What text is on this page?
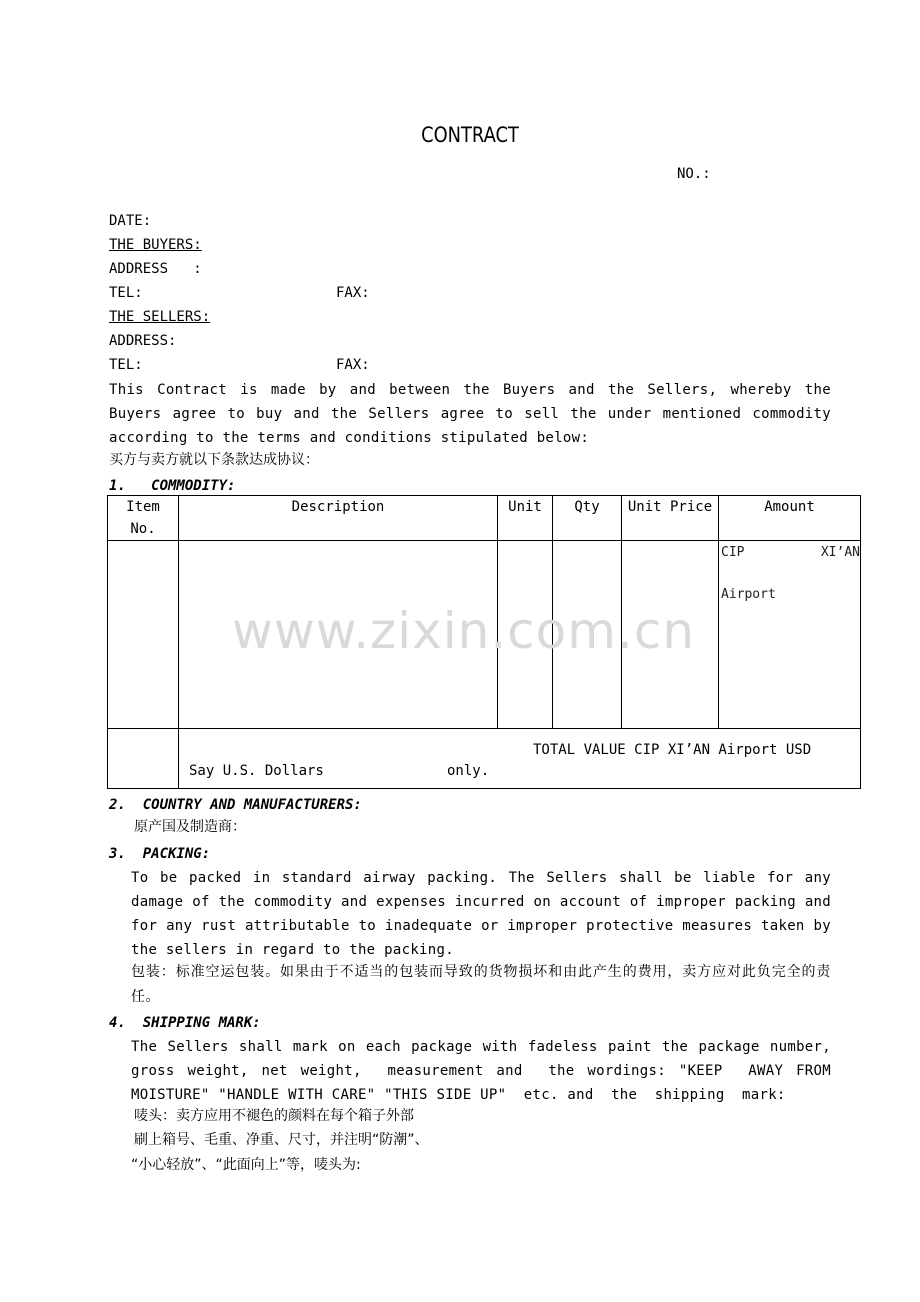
CONTRACT
NO.:
DATE:
THE BUYERS:
ADDRESS   :
TEL:	FAX:
THE SELLERS:
ADDRESS:
TEL:	FAX:
This Contract is made by and between the Buyers and the Sellers, whereby the Buyers agree to buy and the Sellers agree to sell the under mentioned commodity according to the terms and conditions stipulated below:
买方与卖方就以下条款达成协议：
1.   COMMODITY:
Item No.	Description	Unit	Qty	Unit Price	Amount

					CIP XI’AN
Airport

	TOTAL VALUE CIP XI’AN Airport USD
Say U.S. Dollars only.				
www.zixin.com.cn
2.  COUNTRY AND MANUFACTURERS:
原产国及制造商：
3.  PACKING:
To be packed in standard airway packing. The Sellers shall be liable for any damage of the commodity and expenses incurred on account of improper packing and for any rust attributable to inadequate or improper protective measures taken by the sellers in regard to the packing.
包装：标准空运包装。如果由于不适当的包装而导致的货物损坏和由此产生的费用，卖方应对此负完全的责任。
4.  SHIPPING MARK:
The Sellers shall mark on each package with fadeless paint the package number, gross weight, net weight,  measurement and  the wordings: "KEEP  AWAY FROM MOISTURE" "HANDLE WITH CARE" "THIS SIDE UP"  etc. and  the  shipping  mark:
唛头：卖方应用不褪色的颜料在每个箱子外部
刷上箱号、毛重、净重、尺寸，并注明“防潮”、
“小心轻放”、“此面向上”等，唛头为:
